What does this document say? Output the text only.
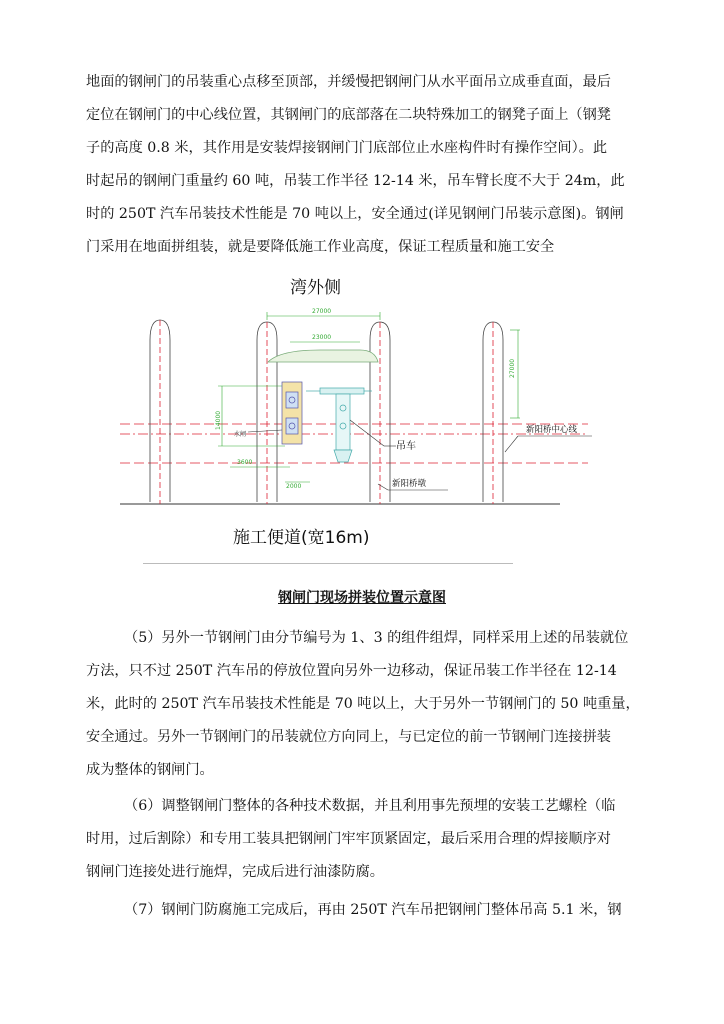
地面的钢闸门的吊装重心点移至顶部，并缓慢把钢闸门从水平面吊立成垂直面，最后
定位在钢闸门的中心线位置，其钢闸门的底部落在二块特殊加工的钢凳子面上（钢凳
子的高度 0.8 米，其作用是安装焊接钢闸门门底部位止水座构件时有操作空间）。此
时起吊的钢闸门重量约 60 吨，吊装工作半径 12-14 米，吊车臂长度不大于 24m，此
时的 250T 汽车吊装技术性能是 70 吨以上，安全通过(详见钢闸门吊装示意图)。钢闸
门采用在地面拼组装，就是要降低施工作业高度，保证工程质量和施工安全
湾外侧
27000
23000
27000
14000
3600
2000
水闸
吊车
新阳桥中心线
新阳桥墩
施工便道(宽16m)
钢闸门现场拼装位置示意图
（5）另外一节钢闸门由分节编号为 1、3 的组件组焊，同样采用上述的吊装就位
方法，只不过 250T 汽车吊的停放位置向另外一边移动，保证吊装工作半径在 12-14
米，此时的 250T 汽车吊装技术性能是 70 吨以上，大于另外一节钢闸门的 50 吨重量，
安全通过。另外一节钢闸门的吊装就位方向同上，与已定位的前一节钢闸门连接拼装
成为整体的钢闸门。
（6）调整钢闸门整体的各种技术数据，并且利用事先预埋的安装工艺螺栓（临
时用，过后割除）和专用工装具把钢闸门牢牢顶紧固定，最后采用合理的焊接顺序对
钢闸门连接处进行施焊，完成后进行油漆防腐。
（7）钢闸门防腐施工完成后，再由 250T 汽车吊把钢闸门整体吊高 5.1 米，钢
